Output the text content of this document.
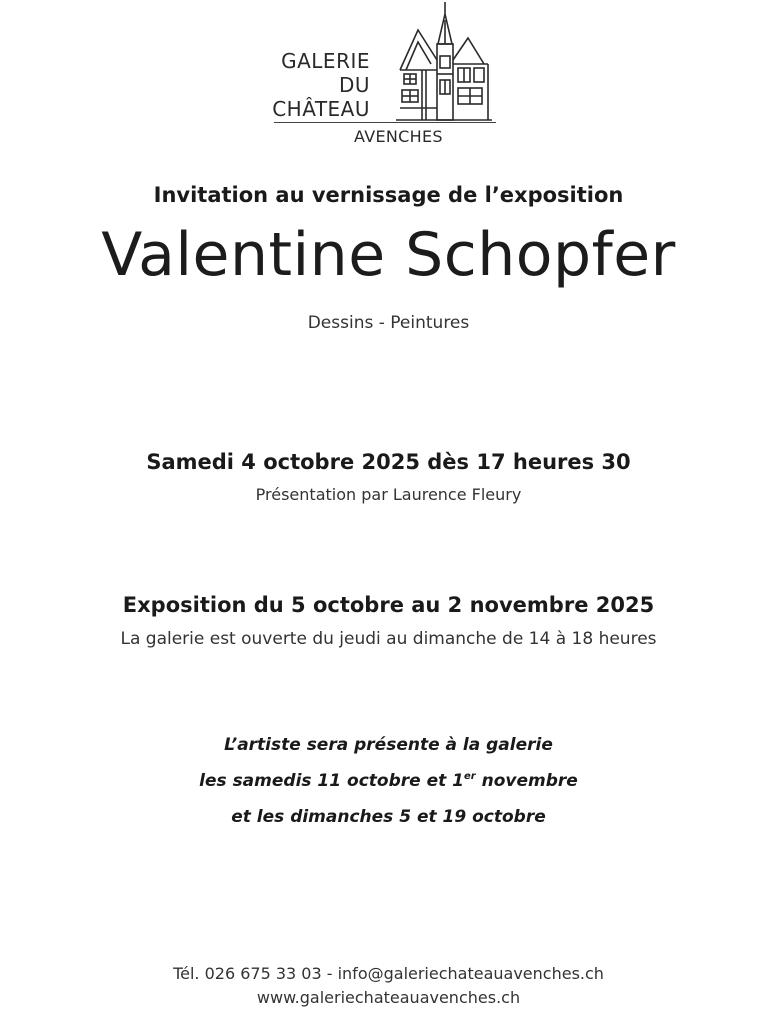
GALERIE
DU
CHÂTEAU
AVENCHES
Invitation au vernissage de l’exposition
Valentine Schopfer
Dessins - Peintures
Samedi 4 octobre 2025 dès 17 heures 30
Présentation par Laurence Fleury
Exposition du 5 octobre au 2 novembre 2025
La galerie est ouverte du jeudi au dimanche de 14 à 18 heures
L’artiste sera présente à la galerie
les samedis 11 octobre et 1er novembre
et les dimanches 5 et 19 octobre
Tél. 026 675 33 03 - info@galeriechateauavenches.ch
www.galeriechateauavenches.ch
